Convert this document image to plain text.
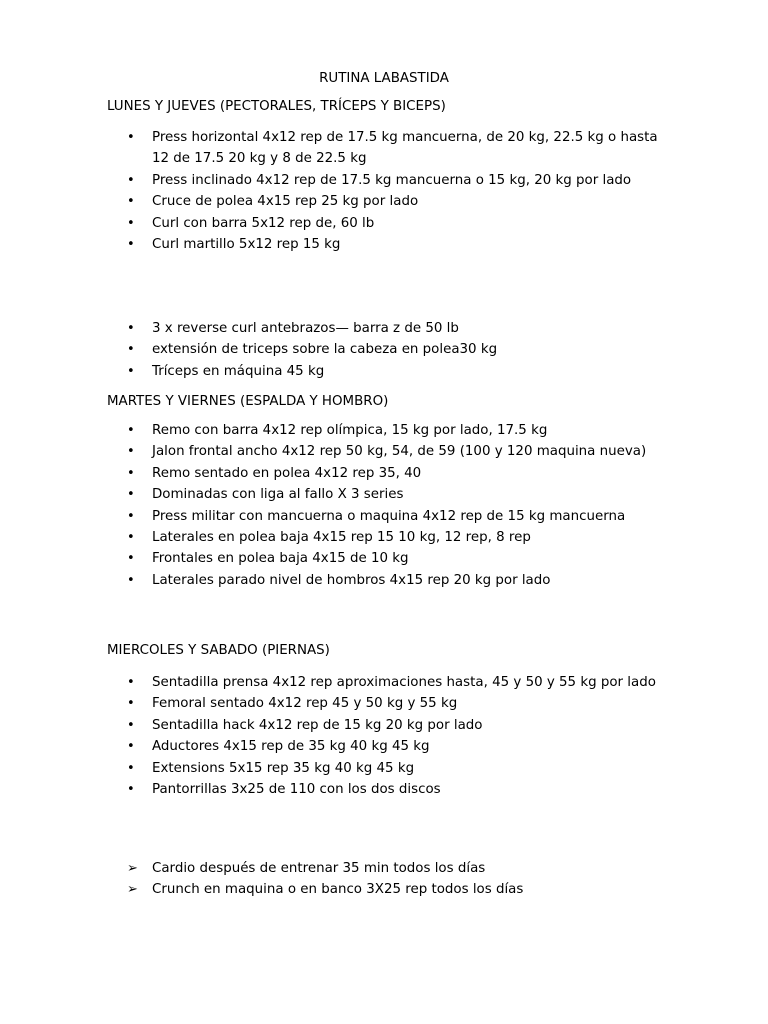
RUTINA LABASTIDA
LUNES Y JUEVES (PECTORALES, TRÍCEPS Y BICEPS)
•	Press horizontal 4x12 rep de 17.5 kg mancuerna, de 20 kg, 22.5 kg o hasta 12 de 17.5 20 kg y 8 de 22.5 kg
•	Press inclinado 4x12 rep de 17.5 kg mancuerna o 15 kg, 20 kg por lado
•	Cruce de polea 4x15 rep 25 kg por lado
•	Curl con barra 5x12 rep de, 60 lb
•	Curl martillo 5x12 rep 15 kg
•	3 x reverse curl antebrazos— barra z de 50 lb
•	extensión de triceps sobre la cabeza en polea30 kg
•	Tríceps en máquina 45 kg
MARTES Y VIERNES (ESPALDA Y HOMBRO)
•	Remo con barra 4x12 rep olímpica, 15 kg por lado, 17.5 kg
•	Jalon frontal ancho 4x12 rep 50 kg, 54, de 59 (100 y 120 maquina nueva)
•	Remo sentado en polea 4x12 rep 35, 40
•	Dominadas con liga al fallo X 3 series
•	Press militar con mancuerna o maquina 4x12 rep de 15 kg mancuerna
•	Laterales en polea baja 4x15 rep 15 10 kg, 12 rep, 8 rep
•	Frontales en polea baja 4x15 de 10 kg
•	Laterales parado nivel de hombros 4x15 rep 20 kg por lado
MIERCOLES Y SABADO (PIERNAS)
•	Sentadilla prensa 4x12 rep aproximaciones hasta, 45 y 50 y 55 kg por lado
•	Femoral sentado 4x12 rep 45 y 50 kg y 55 kg
•	Sentadilla hack 4x12 rep de 15 kg 20 kg por lado
•	Aductores 4x15 rep de 35 kg 40 kg 45 kg
•	Extensions 5x15 rep 35 kg 40 kg 45 kg
•	Pantorrillas 3x25 de 110 con los dos discos
➢	Cardio después de entrenar 35 min todos los días
➢	Crunch en maquina o en banco 3X25 rep todos los días
